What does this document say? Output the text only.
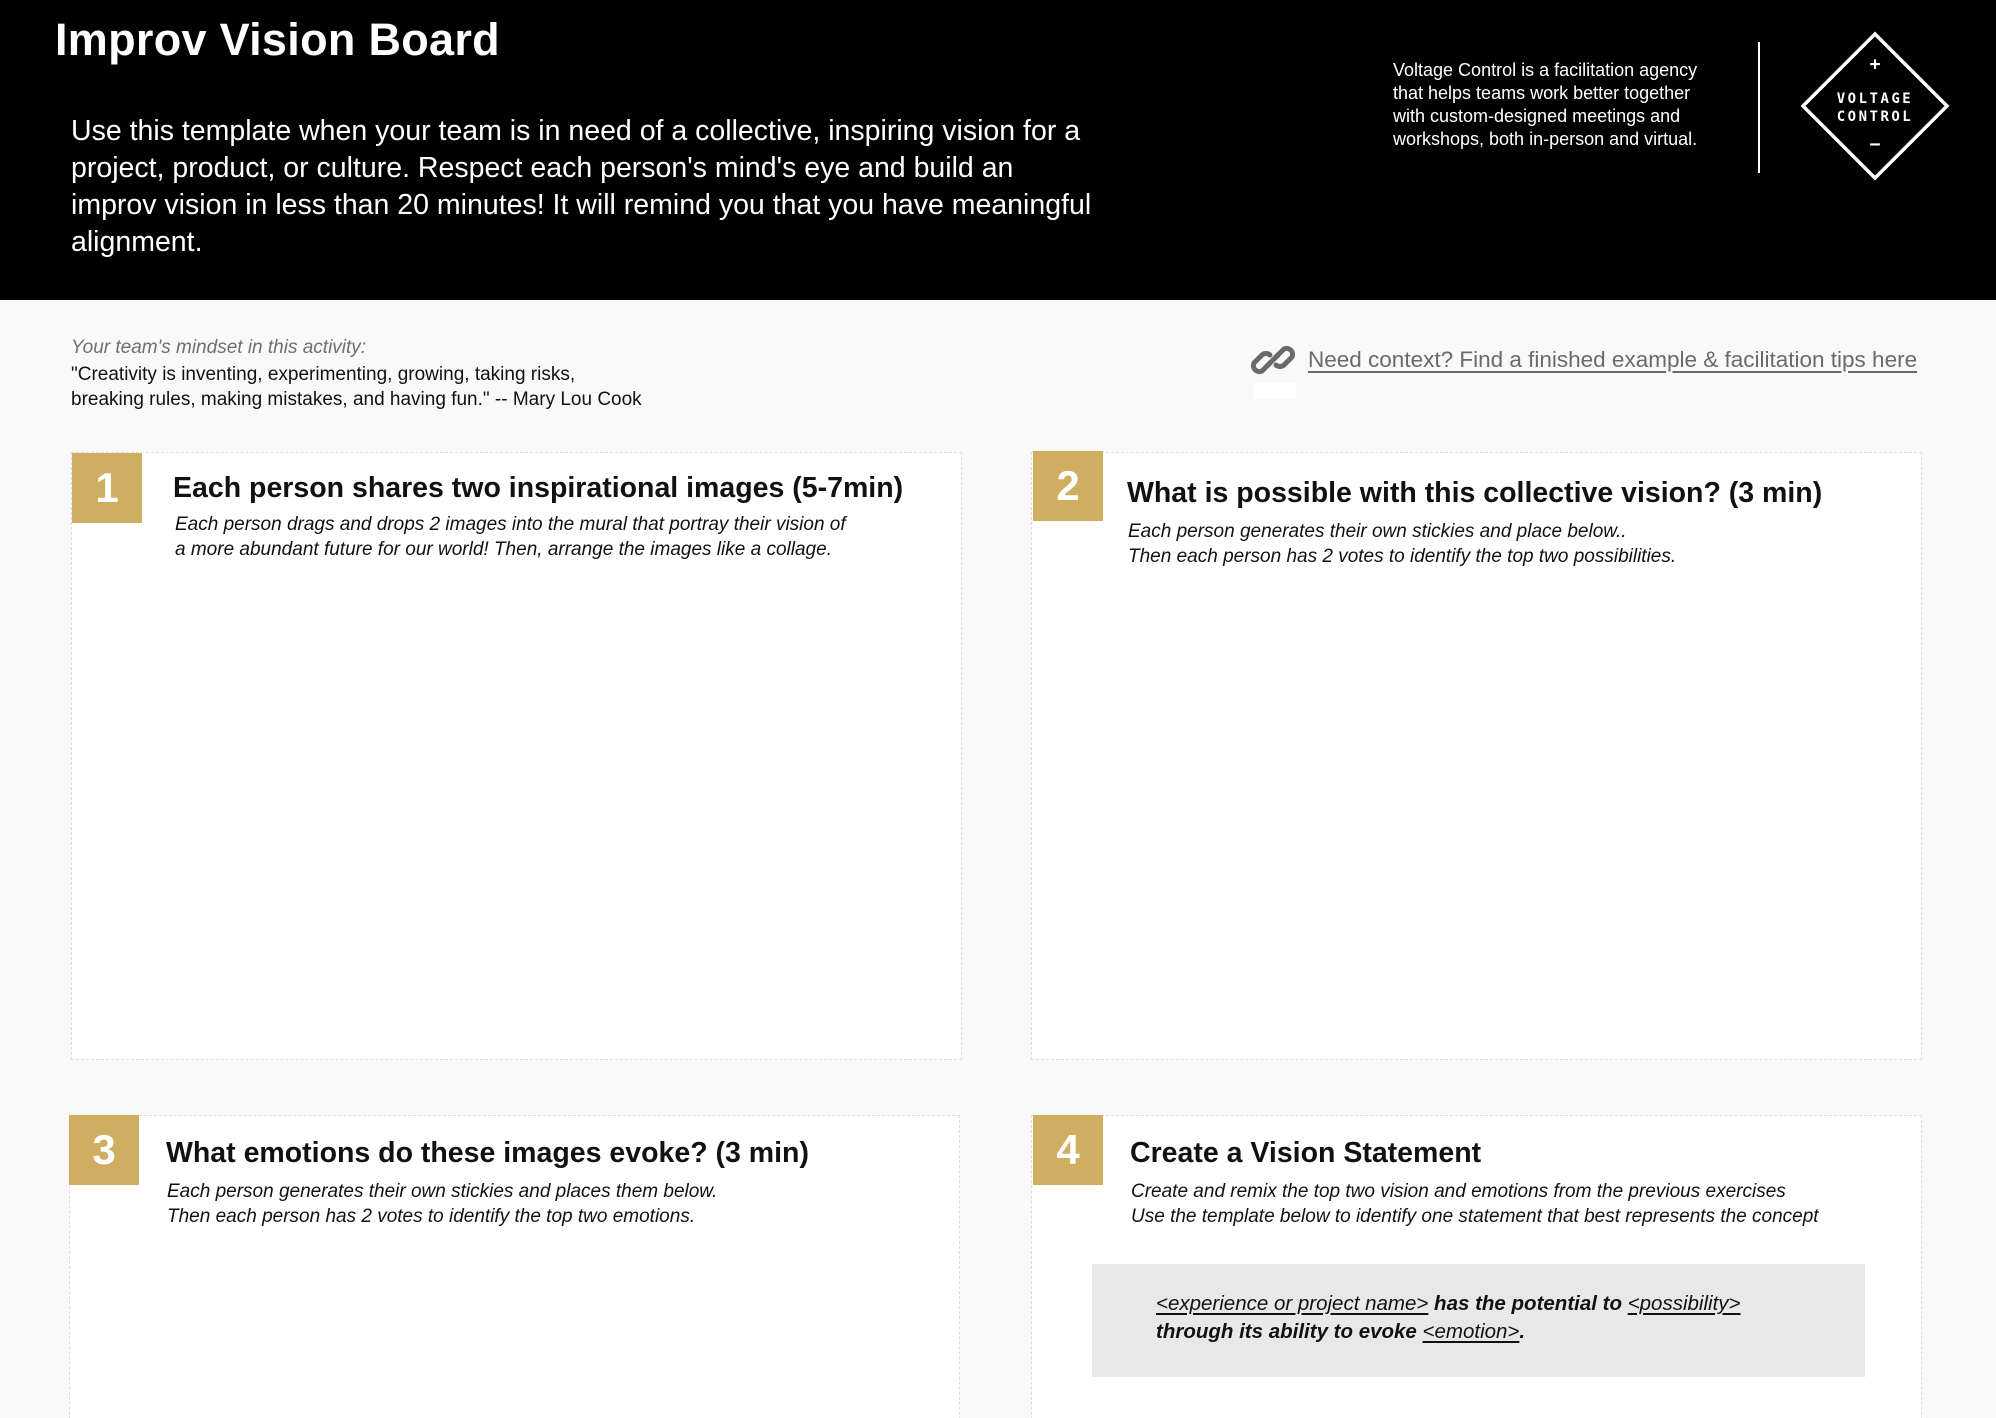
Improv Vision Board
Use this template when your team is in need of a collective, inspiring vision for a project, product, or culture. Respect each person's mind's eye and build an improv vision in less than 20 minutes! It will remind you that you have meaningful alignment.
Voltage Control is a facilitation agency that helps teams work better together with custom-designed meetings and workshops, both in-person and virtual.
+
VOLTAGE
CONTROL
−
Your team's mindset in this activity:
"Creativity is inventing, experimenting, growing, taking risks,
breaking rules, making mistakes, and having fun." -- Mary Lou Cook
Need context? Find a finished example & facilitation tips here
1	Each person shares two inspirational images (5-7min)
Each person drags and drops 2 images into the mural that portray their vision of
a more abundant future for our world! Then, arrange the images like a collage.
2	What is possible with this collective vision? (3 min)
Each person generates their own stickies and place below..
Then each person has 2 votes to identify the top two possibilities.
3	What emotions do these images evoke? (3 min)
Each person generates their own stickies and places them below.
Then each person has 2 votes to identify the top two emotions.
4	Create a Vision Statement
Create and remix the top two vision and emotions from the previous exercises
Use the template below to identify one statement that best represents the concept
<experience or project name> has the potential to <possibility>
through its ability to evoke <emotion>.
